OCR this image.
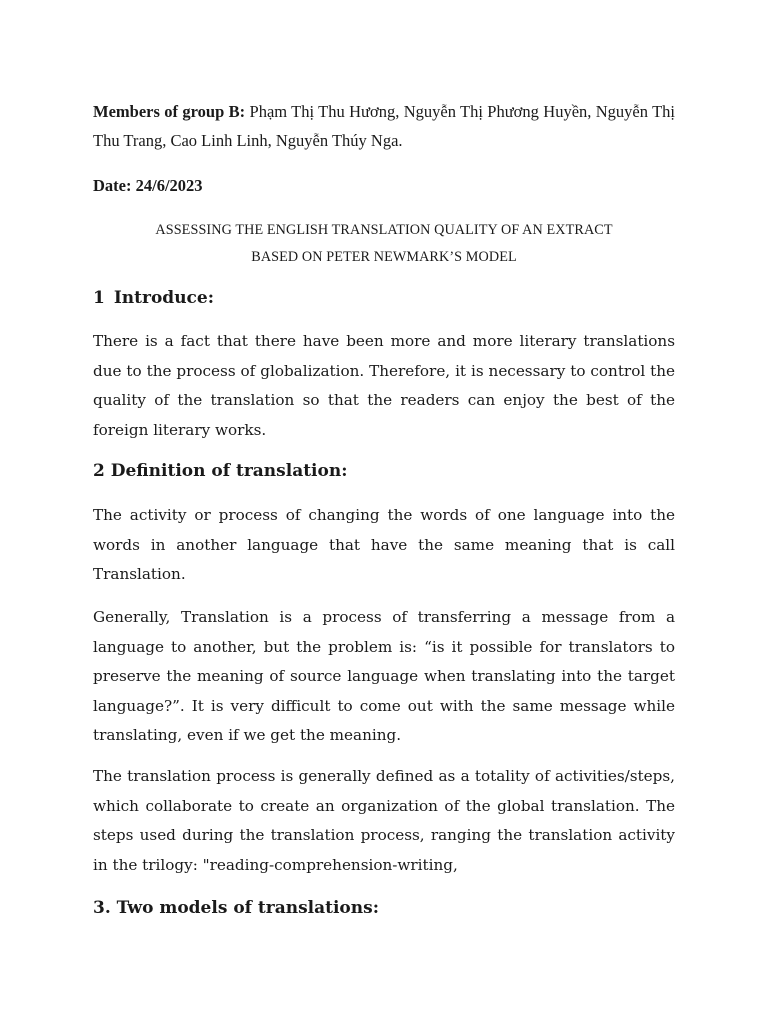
Members of group B: Phạm Thị Thu Hương, Nguyễn Thị Phương Huyền, Nguyễn Thị Thu Trang, Cao Linh Linh, Nguyễn Thúy Nga.
Date: 24/6/2023
ASSESSING THE ENGLISH TRANSLATION QUALITY OF AN EXTRACT
BASED ON PETER NEWMARK’S MODEL
1 Introduce:
There is a fact that there have been more and more literary translations due to the process of globalization. Therefore, it is necessary to control the quality of the translation so that the readers can enjoy the best of the foreign literary works.
2 Definition of translation:
The activity or process of changing the words of one language into the words in another language that have the same meaning that is call Translation.
Generally, Translation is a process of transferring a message from a language to another, but the problem is: “is it possible for translators to preserve the meaning of source language when translating into the target language?”. It is very difficult to come out with the same message while translating, even if we get the meaning.
The translation process is generally defined as a totality of activities/steps, which collaborate to create an organization of the global translation. The steps used during the translation process, ranging the translation activity in the trilogy: "reading-comprehension-writing,
3. Two models of translations:
